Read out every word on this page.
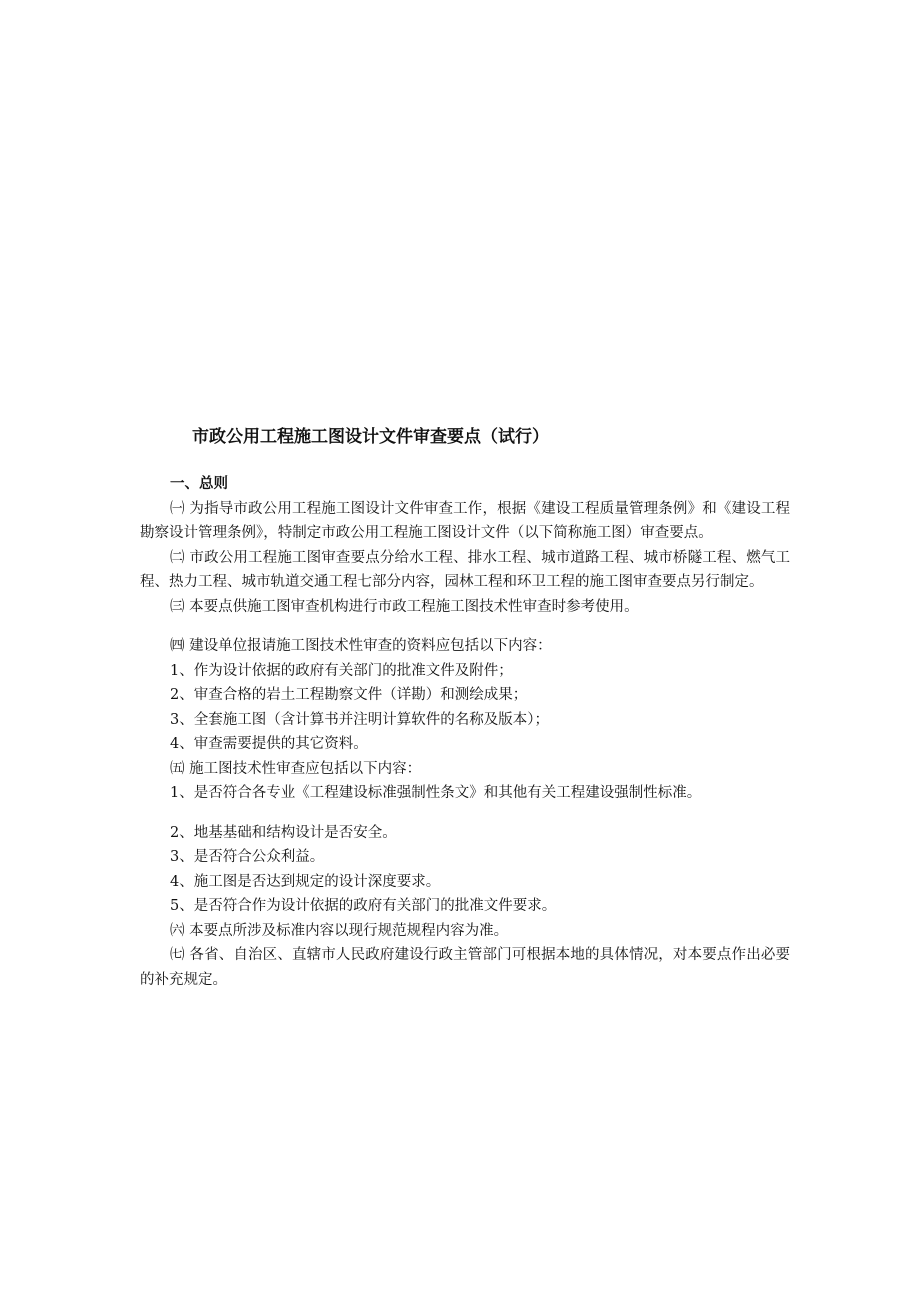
市政公用工程施工图设计文件审查要点（试行）
一、总则

㈠ 为指导市政公用工程施工图设计文件审查工作，根据《建设工程质量管理条例》和《建设工程勘察设计管理条例》，特制定市政公用工程施工图设计文件（以下简称施工图）审查要点。

㈡ 市政公用工程施工图审查要点分给水工程、排水工程、城市道路工程、城市桥隧工程、燃气工程、热力工程、城市轨道交通工程七部分内容，园林工程和环卫工程的施工图审查要点另行制定。

㈢ 本要点供施工图审查机构进行市政工程施工图技术性审查时参考使用。

㈣ 建设单位报请施工图技术性审查的资料应包括以下内容：

1、作为设计依据的政府有关部门的批准文件及附件；

2、审查合格的岩土工程勘察文件（详勘）和测绘成果；

3、全套施工图（含计算书并注明计算软件的名称及版本）；

4、审查需要提供的其它资料。

㈤ 施工图技术性审查应包括以下内容：

1、是否符合各专业《工程建设标准强制性条文》和其他有关工程建设强制性标准。

2、地基基础和结构设计是否安全。

3、是否符合公众利益。

4、施工图是否达到规定的设计深度要求。

5、是否符合作为设计依据的政府有关部门的批准文件要求。

㈥ 本要点所涉及标准内容以现行规范规程内容为准。

㈦ 各省、自治区、直辖市人民政府建设行政主管部门可根据本地的具体情况，对本要点作出必要的补充规定。
